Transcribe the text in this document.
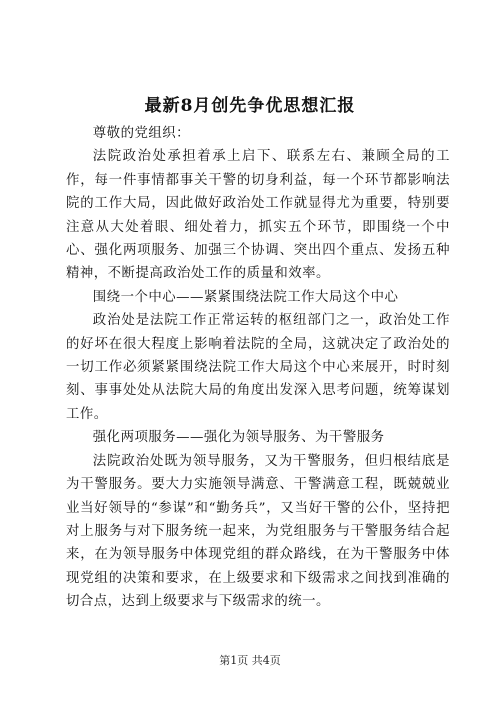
最新8月创先争优思想汇报

尊敬的党组织：

法院政治处承担着承上启下、联系左右、兼顾全局的工作，每一件事情都事关干警的切身利益，每一个环节都影响法院的工作大局，因此做好政治处工作就显得尤为重要，特别要注意从大处着眼、细处着力，抓实五个环节，即围绕一个中心、强化两项服务、加强三个协调、突出四个重点、发扬五种精神，不断提高政治处工作的质量和效率。

围绕一个中心——紧紧围绕法院工作大局这个中心

政治处是法院工作正常运转的枢纽部门之一，政治处工作的好坏在很大程度上影响着法院的全局，这就决定了政治处的一切工作必须紧紧围绕法院工作大局这个中心来展开，时时刻刻、事事处处从法院大局的角度出发深入思考问题，统筹谋划工作。

强化两项服务——强化为领导服务、为干警服务

法院政治处既为领导服务，又为干警服务，但归根结底是为干警服务。要大力实施领导满意、干警满意工程，既兢兢业业当好领导的“参谋”和“勤务兵”，又当好干警的公仆，坚持把对上服务与对下服务统一起来，为党组服务与干警服务结合起来，在为领导服务中体现党组的群众路线，在为干警服务中体现党组的决策和要求，在上级要求和下级需求之间找到准确的切合点，达到上级要求与下级需求的统一。

第1页 共4页
